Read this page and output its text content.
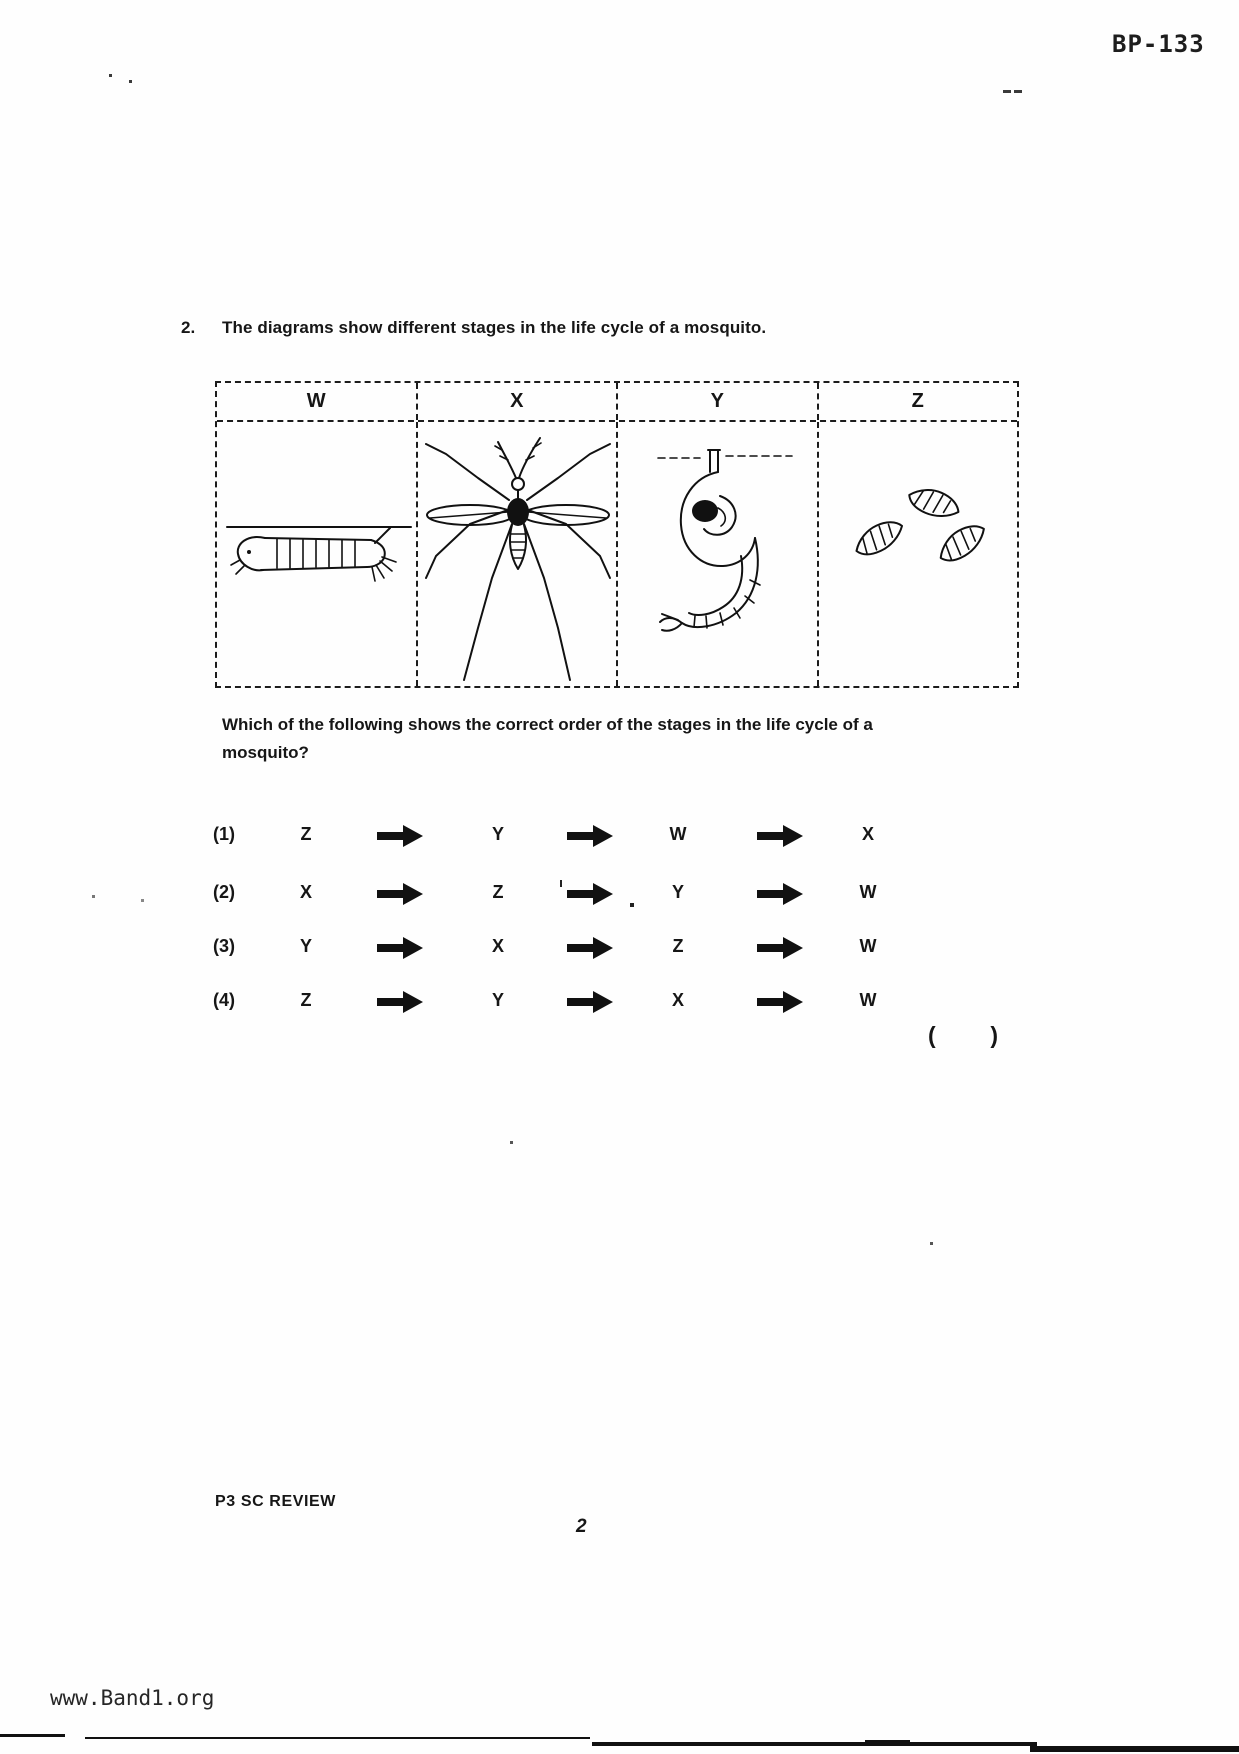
BP-133
2. The diagrams show different stages in the life cycle of a mosquito.
W	X	Y	Z
Which of the following shows the correct order of the stages in the life cycle of a
mosquito?
(1)	Z	Y	W	X
(2)	X	Z	Y	W
(3)	Y	X	Z	W
(4)	Z	Y	X	W
( )
P3 SC REVIEW
2
www.Band1.org
